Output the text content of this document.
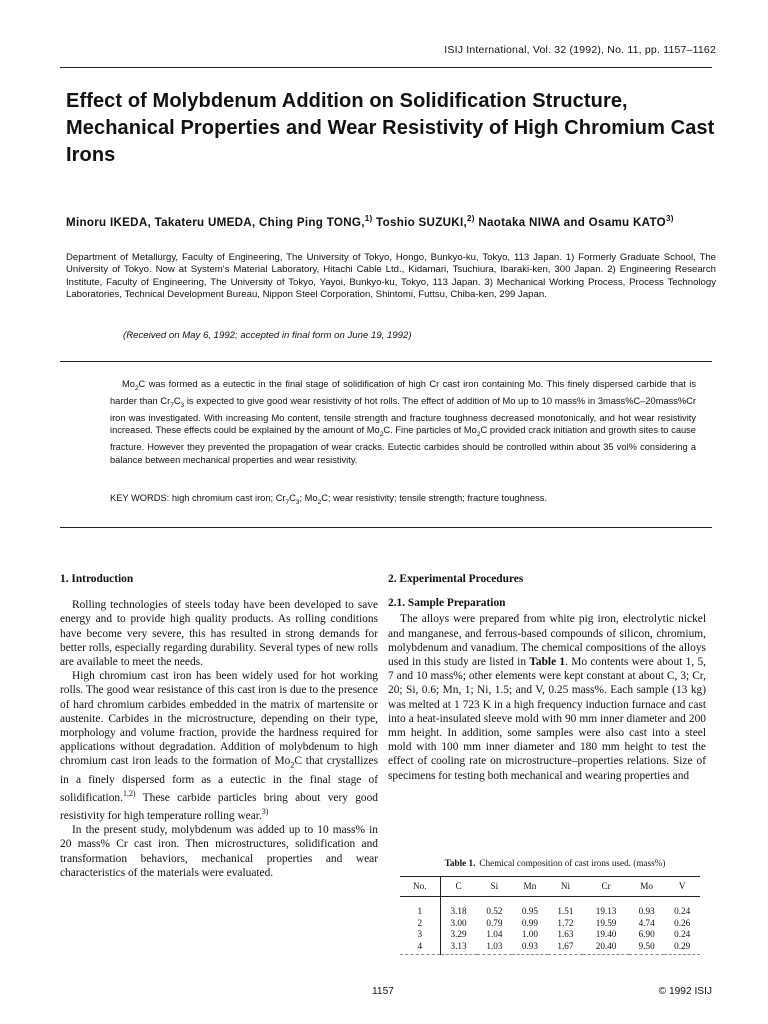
ISIJ International, Vol. 32 (1992), No. 11, pp. 1157–1162
Effect of Molybdenum Addition on Solidification Structure, Mechanical Properties and Wear Resistivity of High Chromium Cast Irons
Minoru IKEDA, Takateru UMEDA, Ching Ping TONG,$^{1)}$ Toshio SUZUKI,$^{2)}$ Naotaka NIWA and Osamu KATO$^{3)}$
Department of Metallurgy, Faculty of Engineering, The University of Tokyo, Hongo, Bunkyo-ku, Tokyo, 113 Japan. 1) Formerly Graduate School, The University of Tokyo. Now at System's Material Laboratory, Hitachi Cable Ltd., Kidamari, Tsuchiura, Ibaraki-ken, 300 Japan. 2) Engineering Research Institute, Faculty of Engineering, The University of Tokyo, Yayoi, Bunkyo-ku, Tokyo, 113 Japan. 3) Mechanical Working Process, Process Technology Laboratories, Technical Development Bureau, Nippon Steel Corporation, Shintomi, Futtsu, Chiba-ken, 299 Japan.
(Received on May 6, 1992; accepted in final form on June 19, 1992)

$Mo_2C$ was formed as a eutectic in the final stage of solidification of high Cr cast iron containing Mo. This finely dispersed carbide that is harder than $Cr_7C_3$ is expected to give good wear resistivity of hot rolls. The effect of addition of Mo up to 10 mass% in 3mass%C–20mass%Cr iron was investigated. With increasing Mo content, tensile strength and fracture toughness decreased monotonically, and hot wear resistivity increased. These effects could be explained by the amount of $Mo_2C$. Fine particles of $Mo_2C$ provided crack initiation and growth sites to cause fracture. However they prevented the propagation of wear cracks. Eutectic carbides should be controlled within about 35 vol% considering a balance between mechanical properties and wear resistivity.

KEY WORDS: high chromium cast iron; $Cr_7C_3$; $Mo_2C$; wear resistivity; tensile strength; fracture toughness.
1. Introduction

Rolling technologies of steels today have been developed to save energy and to provide high quality products. As rolling conditions have become very severe, this has resulted in strong demands for better rolls, especially regarding durability. Several types of new rolls are available to meet the needs.

High chromium cast iron has been widely used for hot working rolls. The good wear resistance of this cast iron is due to the presence of hard chromium carbides embedded in the matrix of martensite or austenite. Carbides in the microstructure, depending on their type, morphology and volume fraction, provide the hardness required for applications without degradation. Addition of molybdenum to high chromium cast iron leads to the formation of $Mo_2C$ that crystallizes in a finely dispersed form as a eutectic in the final stage of solidification.$^{1,2)}$ These carbide particles bring about very good resistivity for high temperature rolling wear.$^{3)}$

In the present study, molybdenum was added up to 10 mass% in 20 mass% Cr cast iron. Then microstructures, solidification and transformation behaviors, mechanical properties and wear characteristics of the materials were evaluated.

2. Experimental Procedures
2.1. Sample Preparation

The alloys were prepared from white pig iron, electrolytic nickel and manganese, and ferrous-based compounds of silicon, chromium, molybdenum and vanadium. The chemical compositions of the alloys used in this study are listed in Table 1. Mo contents were about 1, 5, 7 and 10 mass%; other elements were kept constant at about C, 3; Cr, 20; Si, 0.6; Mn, 1; Ni, 1.5; and V, 0.25 mass%. Each sample (13 kg) was melted at 1 723 K in a high frequency induction furnace and cast into a heat-insulated sleeve mold with 90 mm inner diameter and 200 mm height. In addition, some samples were also cast into a steel mold with 100 mm inner diameter and 180 mm height to test the effect of cooling rate on microstructure–properties relations. Size of specimens for testing both mechanical and wearing properties and

Table 1. Chemical composition of cast irons used. (mass%)
No.	C	Si	Mn	Ni	Cr	Mo	V
1	3.18	0.52	0.95	1.51	19.13	0.93	0.24
2	3.00	0.79	0.99	1.72	19.59	4.74	0.26
3	3.29	1.04	1.00	1.63	19.40	6.90	0.24
4	3.13	1.03	0.93	1.67	20.40	9.50	0.29
1157	© 1992 ISIJ
